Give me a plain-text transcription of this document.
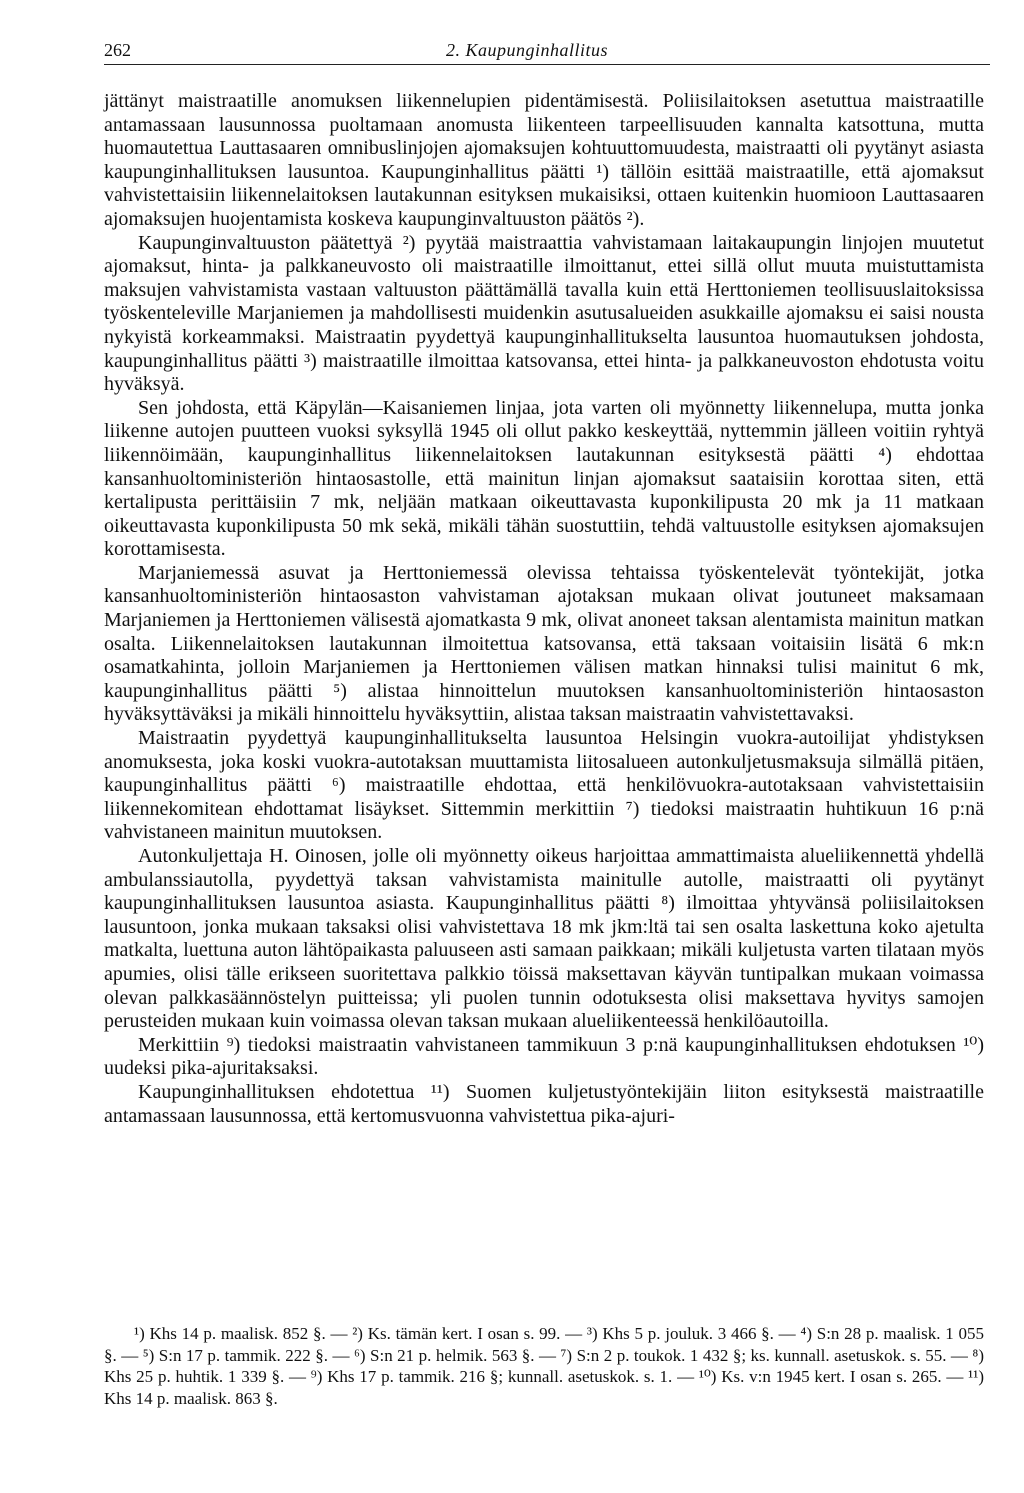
262	2. Kaupunginhallitus

jättänyt maistraatille anomuksen liikennelupien pidentämisestä. Poliisilaitoksen asetuttua maistraatille antamassaan lausunnossa puoltamaan anomusta liikenteen tarpeellisuuden kannalta katsottuna, mutta huomautettua Lauttasaaren omnibuslinjojen ajomaksujen kohtuuttomuudesta, maistraatti oli pyytänyt asiasta kaupunginhallituksen lausuntoa. Kaupunginhallitus päätti ¹) tällöin esittää maistraatille, että ajomaksut vahvistettaisiin liikennelaitoksen lautakunnan esityksen mukaisiksi, ottaen kuitenkin huomioon Lauttasaaren ajomaksujen huojentamista koskeva kaupunginvaltuuston päätös ²).

Kaupunginvaltuuston päätettyä ²) pyytää maistraattia vahvistamaan laitakaupungin linjojen muutetut ajomaksut, hinta- ja palkkaneuvosto oli maistraatille ilmoittanut, ettei sillä ollut muuta muistuttamista maksujen vahvistamista vastaan valtuuston päättämällä tavalla kuin että Herttoniemen teollisuuslaitoksissa työskenteleville Marjaniemen ja mahdollisesti muidenkin asutusalueiden asukkaille ajomaksu ei saisi nousta nykyistä korkeammaksi. Maistraatin pyydettyä kaupunginhallitukselta lausuntoa huomautuksen johdosta, kaupunginhallitus päätti ³) maistraatille ilmoittaa katsovansa, ettei hinta- ja palkkaneuvoston ehdotusta voitu hyväksyä.

Sen johdosta, että Käpylän—Kaisaniemen linjaa, jota varten oli myönnetty liikennelupa, mutta jonka liikenne autojen puutteen vuoksi syksyllä 1945 oli ollut pakko keskeyttää, nyttemmin jälleen voitiin ryhtyä liikennöimään, kaupunginhallitus liikennelaitoksen lautakunnan esityksestä päätti ⁴) ehdottaa kansanhuoltoministeriön hintaosastolle, että mainitun linjan ajomaksut saataisiin korottaa siten, että kertalipusta perittäisiin 7 mk, neljään matkaan oikeuttavasta kuponkilipusta 20 mk ja 11 matkaan oikeuttavasta kuponkilipusta 50 mk sekä, mikäli tähän suostuttiin, tehdä valtuustolle esityksen ajomaksujen korottamisesta.

Marjaniemessä asuvat ja Herttoniemessä olevissa tehtaissa työskentelevät työntekijät, jotka kansanhuoltoministeriön hintaosaston vahvistaman ajotaksan mukaan olivat joutuneet maksamaan Marjaniemen ja Herttoniemen välisestä ajomatkasta 9 mk, olivat anoneet taksan alentamista mainitun matkan osalta. Liikennelaitoksen lautakunnan ilmoitettua katsovansa, että taksaan voitaisiin lisätä 6 mk:n osamatkahinta, jolloin Marjaniemen ja Herttoniemen välisen matkan hinnaksi tulisi mainitut 6 mk, kaupunginhallitus päätti ⁵) alistaa hinnoittelun muutoksen kansanhuoltoministeriön hintaosaston hyväksyttäväksi ja mikäli hinnoittelu hyväksyttiin, alistaa taksan maistraatin vahvistettavaksi.

Maistraatin pyydettyä kaupunginhallitukselta lausuntoa Helsingin vuokra-autoilijat yhdistyksen anomuksesta, joka koski vuokra-autotaksan muuttamista liitosalueen autonkuljetusmaksuja silmällä pitäen, kaupunginhallitus päätti ⁶) maistraatille ehdottaa, että henkilövuokra-autotaksaan vahvistettaisiin liikennekomitean ehdottamat lisäykset. Sittemmin merkittiin ⁷) tiedoksi maistraatin huhtikuun 16 p:nä vahvistaneen mainitun muutoksen.

Autonkuljettaja H. Oinosen, jolle oli myönnetty oikeus harjoittaa ammattimaista alueliikennettä yhdellä ambulanssiautolla, pyydettyä taksan vahvistamista mainitulle autolle, maistraatti oli pyytänyt kaupunginhallituksen lausuntoa asiasta. Kaupunginhallitus päätti ⁸) ilmoittaa yhtyvänsä poliisilaitoksen lausuntoon, jonka mukaan taksaksi olisi vahvistettava 18 mk jkm:ltä tai sen osalta laskettuna koko ajetulta matkalta, luettuna auton lähtöpaikasta paluuseen asti samaan paikkaan; mikäli kuljetusta varten tilataan myös apumies, olisi tälle erikseen suoritettava palkkio töissä maksettavan käyvän tuntipalkan mukaan voimassa olevan palkkasäännöstelyn puitteissa; yli puolen tunnin odotuksesta olisi maksettava hyvitys samojen perusteiden mukaan kuin voimassa olevan taksan mukaan alueliikenteessä henkilöautoilla.

Merkittiin ⁹) tiedoksi maistraatin vahvistaneen tammikuun 3 p:nä kaupunginhallituksen ehdotuksen ¹⁰) uudeksi pika-ajuritaksaksi.

Kaupunginhallituksen ehdotettua ¹¹) Suomen kuljetustyöntekijäin liiton esityksestä maistraatille antamassaan lausunnossa, että kertomusvuonna vahvistettua pika-ajuri-

¹) Khs 14 p. maalisk. 852 §. — ²) Ks. tämän kert. I osan s. 99. — ³) Khs 5 p. jouluk. 3 466 §. — ⁴) S:n 28 p. maalisk. 1 055 §. — ⁵) S:n 17 p. tammik. 222 §. — ⁶) S:n 21 p. helmik. 563 §. — ⁷) S:n 2 p. toukok. 1 432 §; ks. kunnall. asetuskok. s. 55. — ⁸) Khs 25 p. huhtik. 1 339 §. — ⁹) Khs 17 p. tammik. 216 §; kunnall. asetuskok. s. 1. — ¹⁰) Ks. v:n 1945 kert. I osan s. 265. — ¹¹) Khs 14 p. maalisk. 863 §.
